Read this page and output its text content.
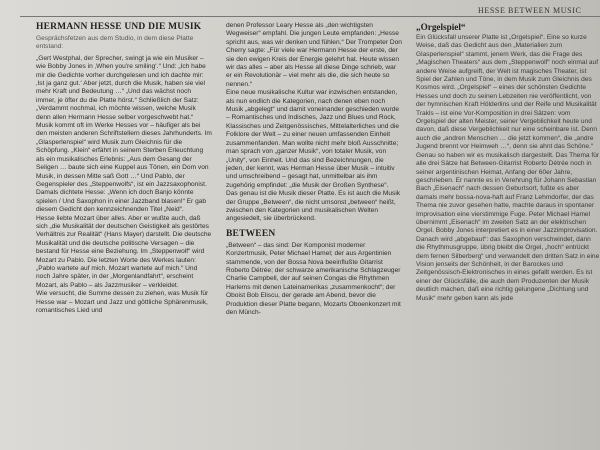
HESSE BETWEEN MUSIC
HERMANN HESSE UND DIE MUSIK
Gesprächsfetzen aus dem Studio, in dem diese Platte entstand:

„Gert Westphal, der Sprecher, swingt ja wie ein Musiker – wie Bobby Jones in ‚When you're smiling‘.“ Und: „Ich habe mir die Gedichte vorher durchgelesen und ich dachte mir: ‚Ist ja ganz gut.‘ Aber jetzt, durch die Musik, haben sie viel mehr Kraft und Bedeutung …“ „Und das wächst noch immer, je öfter du die Platte hörst.“ Schließlich der Satz: „Verdammt nochmal, ich möchte wissen, welche Musik denn allen Hermann Hesse selber vorgeschwebt hat.“
Musik kommt oft im Werke Hesses vor – häufiger als bei den meisten anderen Schriftstellern dieses Jahrhunderts. Im „Glasperlenspiel“ wird Musik zum Gleichnis für die Schöpfung. „Klein“ erfährt in seinem Sterben Erleuchtung als ein musikalisches Erlebnis: „Aus dem Gesang der Seligen … baute sich eine Kuppel aus Tönen, ein Dom von Musik, in dessen Mitte saß Gott …“ Und Pablo, der Gegenspieler des „Steppenwolfs“, ist ein Jazzsaxophonist. Damals dichtete Hesse: „Wenn ich doch Banjo könnte spielen / Und Saxophon in einer Jazzband blasen!“ Er gab diesem Gedicht den kennzeichnenden Titel „Neid“.
Hesse liebte Mozart über alles. Aber er wußte auch, daß sich „die Musikalität der deutschen Geistigkeit als gestörtes Verhältnis zur Realität“ (Hans Mayer) darstellt. Die deutsche Musikalität und die deutsche politische Versagen – die bestand für Hesse eine Beziehung. Im „Steppenwolf“ wird Mozart zu Pablo. Die letzten Worte des Werkes lauten: „Pablo wartete auf mich. Mozart wartete auf mich.“ Und noch Jahre später, in der „Morgenlandfahrt“, erscheint Mozart, als Pablo – als Jazzmusiker – verkleidet.
Wie versucht, die Summe dessen zu ziehen, was Musik für Hesse war – Mozart und Jazz und göttliche Sphärenmusik, romantisches Lied und

denen Professor Leary Hesse als „den wichtigsten Wegweiser“ empfahl. Die jungen Leute empfanden: „Hesse spricht aus, was wir denken und fühlen.“ Der Trompeter Don Cherry sagte: „Für viele war Hermann Hesse der erste, der sie den ewigen Kreis der Energie gelehrt hat. Heute wissen wir das alles – aber als Hesse all diese Dinge schrieb, war er ein Revolutionär – viel mehr als die, die sich heute so nennen.“
Eine neue musikalische Kultur war inzwischen entstanden, als nun endlich die Kategorien, nach denen eben noch Musik „abgelegt“ und damit voneinander geschieden wurde – Romantisches und Indisches, Jazz und Blues und Rock, Klassisches und Zeitgenössisches, Mittelalterliches und die Folklore der Welt – zu einer neuen umfassenden Einheit zusammenfanden. Man wollte nicht mehr bloß Ausschnitte; man sprach von „ganzer Musik“, von totaler Musik, von „Unity“, von Einheit. Und das sind Bezeichnungen, die jeden, der kennt, was Herman Hesse über Musik – intuitiv und umschreibend – gesagt hat, unmittelbar als ihm zugehörig empfindet: „die Musik der Großen Synthese“.
Das genau ist die Musik dieser Platte. Es ist auch die Musik der Gruppe „Between“, die nicht umsonst „between“ heißt, zwischen den Kategorien und musikalischen Welten angesiedelt, sie überbrückend.

BETWEEN

„Between“ – das sind: Der Komponist moderner Konzertmusik, Peter Michael Hamel; der aus Argentinien stammende, von der Bossa Nova beeinflußte Gitarrist Roberto Détrée; der schwarze amerikanische Schlagzeuger Charlie Campbell, der auf seinen Congas die Rhythmen Harlems mit denen Lateinamerikas „zusammenkocht“; der Oboist Bob Eliscu, der gerade am Abend, bevor die Produktion dieser Platte begann, Mozarts Oboenkonzert mit den Münch-

„Orgelspiel“

Ein Glücksfall unserer Platte ist „Orgelspiel“. Eine so kurze Weise, daß das Gedicht aus den „Materialien zum Glasperlenspiel“ stammt, jenem Werk, das die Frage des „Magischen Theaters“ aus dem „Steppenwolf“ noch einmal auf andere Weise aufgreift, der Welt ist magisches Theater, ist Spiel der Zahlen und Töne, in dem Musik zum Gleichnis des Kosmos wird. „Orgelspiel“ – eines der schönsten Gedichte Hesses und doch zu seinen Lebzeiten nie veröffentlicht, von der hymnischen Kraft Hölderlins und der Reife und Musikalität Trakls – ist eine Vor-Komposition in drei Sätzen: vom Orgelspiel der alten Meister, seiner Vergeblichkeit heute und davon, daß diese Vergeblichkeit nur eine scheinbare ist. Denn auch die „andren Menschen … die jetzt kommen“, die „andre Jugend brennt vor Heimweh …“, denn sie ahnt das Schöne.“
Genau so haben wir es musikalisch dargestellt. Das Thema für alle drei Sätze hat Between-Gitarrist Roberto Détrée noch in seiner argentinischen Heimat, Anfang der 60er Jahre, geschrieben. Er nannte es in Verehrung für Johann Sebastian Bach „Eisenach“ nach dessen Geburtsort, fußte es aber damals mehr bossa-nova-haft auf Franz Lehmdorfer, der das Thema nie zuvor gesehen hatte, machte daraus in spontaner Improvisation eine vierstimmige Fuge. Peter Michael Hamel übernimmt „Eisenach“ im zweiten Satz an der elektrischen Orgel. Bobby Jones interpretiert es in einer Jazzimprovisation. Danach wird „abgebaut“: das Saxophon verschwindet, dann die Rhythmusgruppe, übrig bleibt die Orgel, „hoch“ entrückt dem fernen Silberberg“ und verwandelt den dritten Satz in eine Vision jenseits der Schönheit, in der Barockes und Zeitgenössisch-Elektronisches in eines gefallt werden. Es ist einer der Glücksfälle, die auch dem Produzenten der Musik deutlich machen, daß eine richtig gelungene „Dichtung und Musik“ mehr geben kann als jede
